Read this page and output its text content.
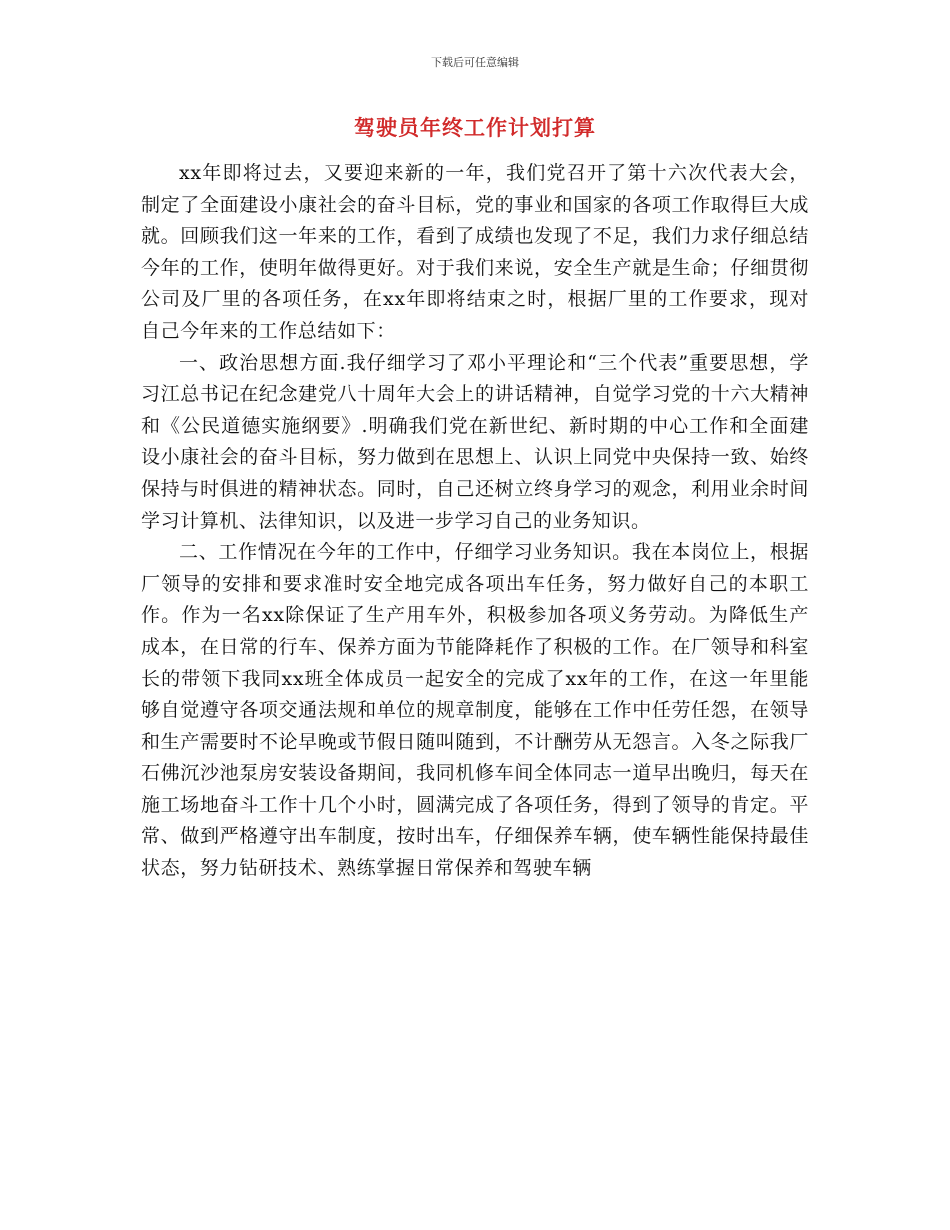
下载后可任意编辑
驾驶员年终工作计划打算

xx年即将过去，又要迎来新的一年，我们党召开了第十六次代表大会，制定了全面建设小康社会的奋斗目标，党的事业和国家的各项工作取得巨大成就。回顾我们这一年来的工作，看到了成绩也发现了不足，我们力求仔细总结今年的工作，使明年做得更好。对于我们来说，安全生产就是生命；仔细贯彻公司及厂里的各项任务，在xx年即将结束之时，根据厂里的工作要求，现对自己今年来的工作总结如下：

一、政治思想方面.我仔细学习了邓小平理论和“三个代表”重要思想，学习江总书记在纪念建党八十周年大会上的讲话精神，自觉学习党的十六大精神和《公民道德实施纲要》.明确我们党在新世纪、新时期的中心工作和全面建设小康社会的奋斗目标，努力做到在思想上、认识上同党中央保持一致、始终保持与时俱进的精神状态。同时，自己还树立终身学习的观念，利用业余时间学习计算机、法律知识，以及进一步学习自己的业务知识。

二、工作情况在今年的工作中，仔细学习业务知识。我在本岗位上，根据厂领导的安排和要求准时安全地完成各项出车任务，努力做好自己的本职工作。作为一名xx除保证了生产用车外，积极参加各项义务劳动。为降低生产成本，在日常的行车、保养方面为节能降耗作了积极的工作。在厂领导和科室长的带领下我同xx班全体成员一起安全的完成了xx年的工作，在这一年里能够自觉遵守各项交通法规和单位的规章制度，能够在工作中任劳任怨，在领导和生产需要时不论早晚或节假日随叫随到，不计酬劳从无怨言。入冬之际我厂石佛沉沙池泵房安装设备期间，我同机修车间全体同志一道早出晚归，每天在施工场地奋斗工作十几个小时，圆满完成了各项任务，得到了领导的肯定。平常、做到严格遵守出车制度，按时出车，仔细保养车辆，使车辆性能保持最佳状态，努力钻研技术、熟练掌握日常保养和驾驶车辆
